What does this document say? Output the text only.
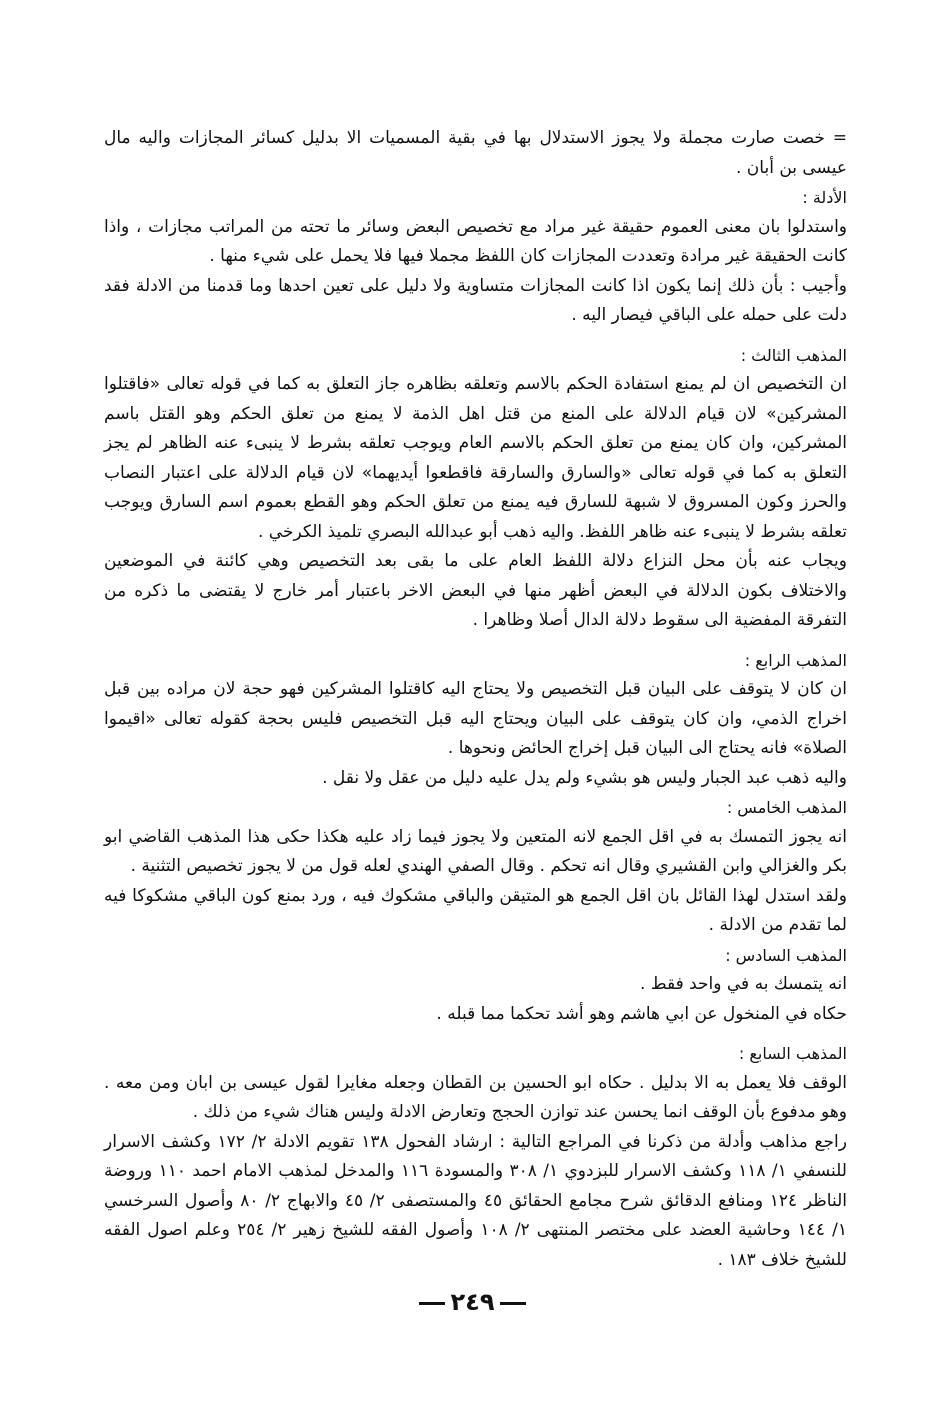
= خصت صارت مجملة ولا يجوز الاستدلال بها في بقية المسميات الا بدليل كسائر المجازات واليه مال عيسى بن أبان .

الأدلة :

واستدلوا بان معنى العموم حقيقة غير مراد مع تخصيص البعض وسائر ما تحته من المراتب مجازات ، واذا كانت الحقيقة غير مرادة وتعددت المجازات كان اللفظ مجملا فيها فلا يحمل على شيء منها .

وأجيب : بأن ذلك إنما يكون اذا كانت المجازات متساوية ولا دليل على تعين احدها وما قدمنا من الادلة فقد دلت على حمله على الباقي فيصار اليه .

المذهب الثالث :

ان التخصيص ان لم يمنع استفادة الحكم بالاسم وتعلقه بظاهره جاز التعلق به كما في قوله تعالى «فاقتلوا المشركين» لان قيام الدلالة على المنع من قتل اهل الذمة لا يمنع من تعلق الحكم وهو القتل باسم المشركين، وان كان يمنع من تعلق الحكم بالاسم العام ويوجب تعلقه بشرط لا ينبىء عنه الظاهر لم يجز التعلق به كما في قوله تعالى «والسارق والسارقة فاقطعوا أيديهما» لان قيام الدلالة على اعتبار النصاب والحرز وكون المسروق لا شبهة للسارق فيه يمنع من تعلق الحكم وهو القطع بعموم اسم السارق ويوجب تعلقه بشرط لا ينبىء عنه ظاهر اللفظ. واليه ذهب أبو عبدالله البصري تلميذ الكرخي .

ويجاب عنه بأن محل النزاع دلالة اللفظ العام على ما بقى بعد التخصيص وهي كائنة في الموضعين والاختلاف بكون الدلالة في البعض أظهر منها في البعض الاخر باعتبار أمر خارج لا يقتضى ما ذكره من التفرقة المفضية الى سقوط دلالة الدال أصلا وظاهرا .

المذهب الرابع :

ان كان لا يتوقف على البيان قبل التخصيص ولا يحتاج اليه كاقتلوا المشركين فهو حجة لان مراده بين قبل اخراج الذمي، وان كان يتوقف على البيان ويحتاج اليه قبل التخصيص فليس بحجة كقوله تعالى «اقيموا الصلاة» فانه يحتاج الى البيان قبل إخراج الحائض ونحوها .

واليه ذهب عبد الجبار وليس هو بشيء ولم يدل عليه دليل من عقل ولا نقل .

المذهب الخامس :

انه يجوز التمسك به في اقل الجمع لانه المتعين ولا يجوز فيما زاد عليه هكذا حكى هذا المذهب القاضي ابو بكر والغزالي وابن القشيري وقال انه تحكم . وقال الصفي الهندي لعله قول من لا يجوز تخصيص التثنية .

ولقد استدل لهذا القائل بان اقل الجمع هو المتيقن والباقي مشكوك فيه ، ورد بمنع كون الباقي مشكوكا فيه لما تقدم من الادلة .

المذهب السادس :

انه يتمسك به في واحد فقط .

حكاه في المنخول عن ابي هاشم وهو أشد تحكما مما قبله .

المذهب السابع :

الوقف فلا يعمل به الا بدليل . حكاه ابو الحسين بن القطان وجعله مغايرا لقول عيسى بن ابان ومن معه . وهو مدفوع بأن الوقف انما يحسن عند توازن الحجج وتعارض الادلة وليس هناك شيء من ذلك .

راجع مذاهب وأدلة من ذكرنا في المراجع التالية : ارشاد الفحول ١٣٨ تقويم الادلة ٢/ ١٧٢ وكشف الاسرار للنسفي ١/ ١١٨ وكشف الاسرار للبزدوي ١/ ٣٠٨ والمسودة ١١٦ والمدخل لمذهب الامام احمد ١١٠ وروضة الناظر ١٢٤ ومنافع الدقائق شرح مجامع الحقائق ٤٥ والمستصفى ٢/ ٤٥ والابهاج ٢/ ٨٠ وأصول السرخسي ١/ ١٤٤ وحاشية العضد على مختصر المنتهى ٢/ ١٠٨ وأصول الفقه للشيخ زهير ٢/ ٢٥٤ وعلم اصول الفقه للشيخ خلاف ١٨٣ .

٢٤٩
